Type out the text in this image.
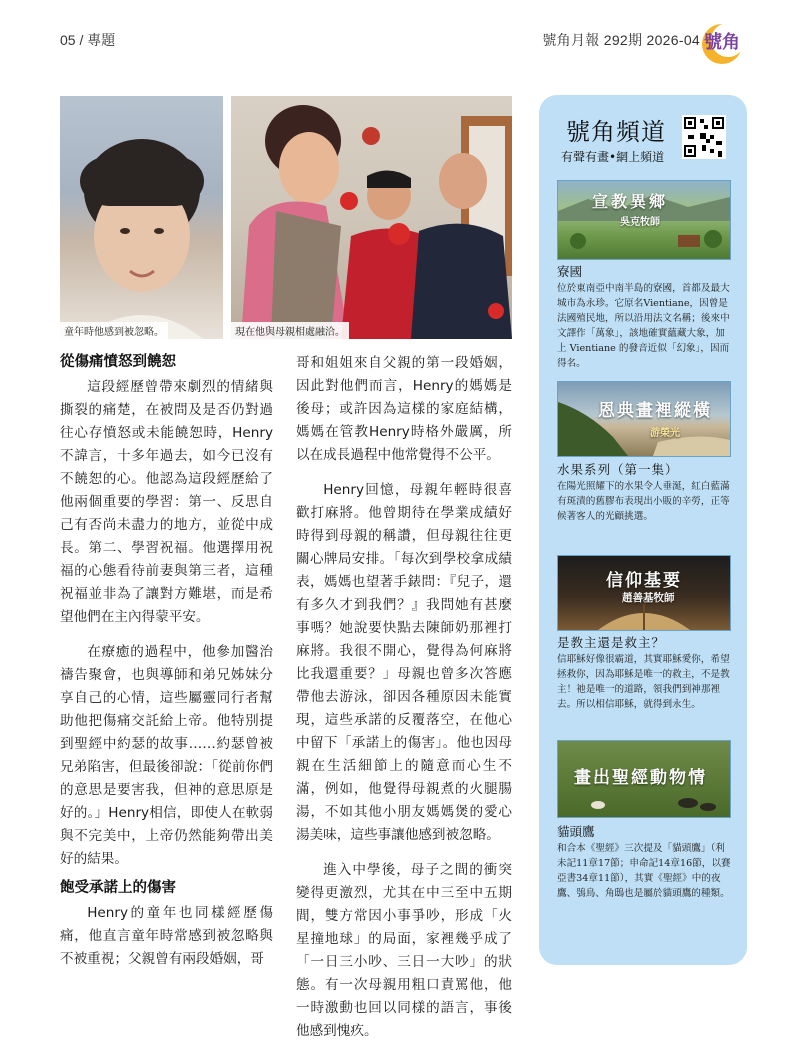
05 / 專題	號角月報 292期 2026-04 號角
童年時他感到被忽略。	現在他與母親相處融洽。
從傷痛憤怒到饒恕

這段經歷曾帶來劇烈的情緒與撕裂的痛楚，在被問及是否仍對過往心存憤怒或未能饒恕時，Henry不諱言，十多年過去，如今已沒有不饒恕的心。他認為這段經歷給了他兩個重要的學習：第一、反思自己有否尚未盡力的地方，並從中成長。第二、學習祝福。他選擇用祝福的心態看待前妻與第三者，這種祝福並非為了讓對方難堪，而是希望他們在主內得蒙平安。

在療癒的過程中，他參加醫治禱告聚會，也與導師和弟兄姊妹分享自己的心情，這些屬靈同行者幫助他把傷痛交託給上帝。他特別提到聖經中約瑟的故事……約瑟曾被兄弟陷害，但最後卻說：「從前你們的意思是要害我，但神的意思原是好的。」Henry相信，即使人在軟弱與不完美中，上帝仍然能夠帶出美好的結果。

飽受承諾上的傷害

Henry的童年也同樣經歷傷痛，他直言童年時常感到被忽略與不被重視；父親曾有兩段婚姻，哥

哥和姐姐來自父親的第一段婚姻，因此對他們而言，Henry的媽媽是後母；或許因為這樣的家庭結構，媽媽在管教Henry時格外嚴厲，所以在成長過程中他常覺得不公平。

Henry回憶，母親年輕時很喜歡打麻將。他曾期待在學業成績好時得到母親的稱讚，但母親往往更關心牌局安排。「每次到學校拿成績表，媽媽也望著手錶問：『兒子，還有多久才到我們？』我問她有甚麼事嗎？她說要快點去陳師奶那裡打麻將。我很不開心，覺得為何麻將比我還重要？」母親也曾多次答應帶他去游泳，卻因各種原因未能實現，這些承諾的反覆落空，在他心中留下「承諾上的傷害」。他也因母親在生活細節上的隨意而心生不滿，例如，他覺得母親煮的火腿腸湯，不如其他小朋友媽媽煲的愛心湯美味，這些事讓他感到被忽略。

進入中學後，母子之間的衝突變得更激烈，尤其在中三至中五期間，雙方常因小事爭吵，形成「火星撞地球」的局面，家裡幾乎成了「一日三小吵、三日一大吵」的狀態。有一次母親用粗口責罵他，他一時激動也回以同樣的語言，事後他感到愧疚。

號角頻道
有聲有畫•網上頻道
宣教異鄉
吳克牧師
寮國
位於東南亞中南半島的寮國，首都及最大城市為永珍。它原名Vientiane，因曾是法國殖民地，所以沿用法文名稱；後來中文譯作「萬象」，該地確實蘊藏大象，加上 Vientiane 的發音近似「幻象」，因而得名。
恩典畫裡縱橫
游榮光
水果系列（第一集）
在陽光照耀下的水果令人垂涎，紅白藍滿有斑漬的舊膠布表現出小販的辛勞，正等候著客人的光顧挑選。
信仰基要
趙善基牧師
是教主還是救主？
信耶穌好像很霸道，其實耶穌愛你，希望拯救你，因為耶穌是唯一的救主，不是教主！祂是唯一的道路，領我們到神那裡去。所以相信耶穌，就得到永生。
畫出聖經動物情
貓頭鷹
和合本《聖經》三次提及「貓頭鷹」（利未記11章17節；申命記14章16節，以賽亞書34章11節），其實《聖經》中的夜鷹、鴞鳥、角鴟也是屬於貓頭鷹的種類。
